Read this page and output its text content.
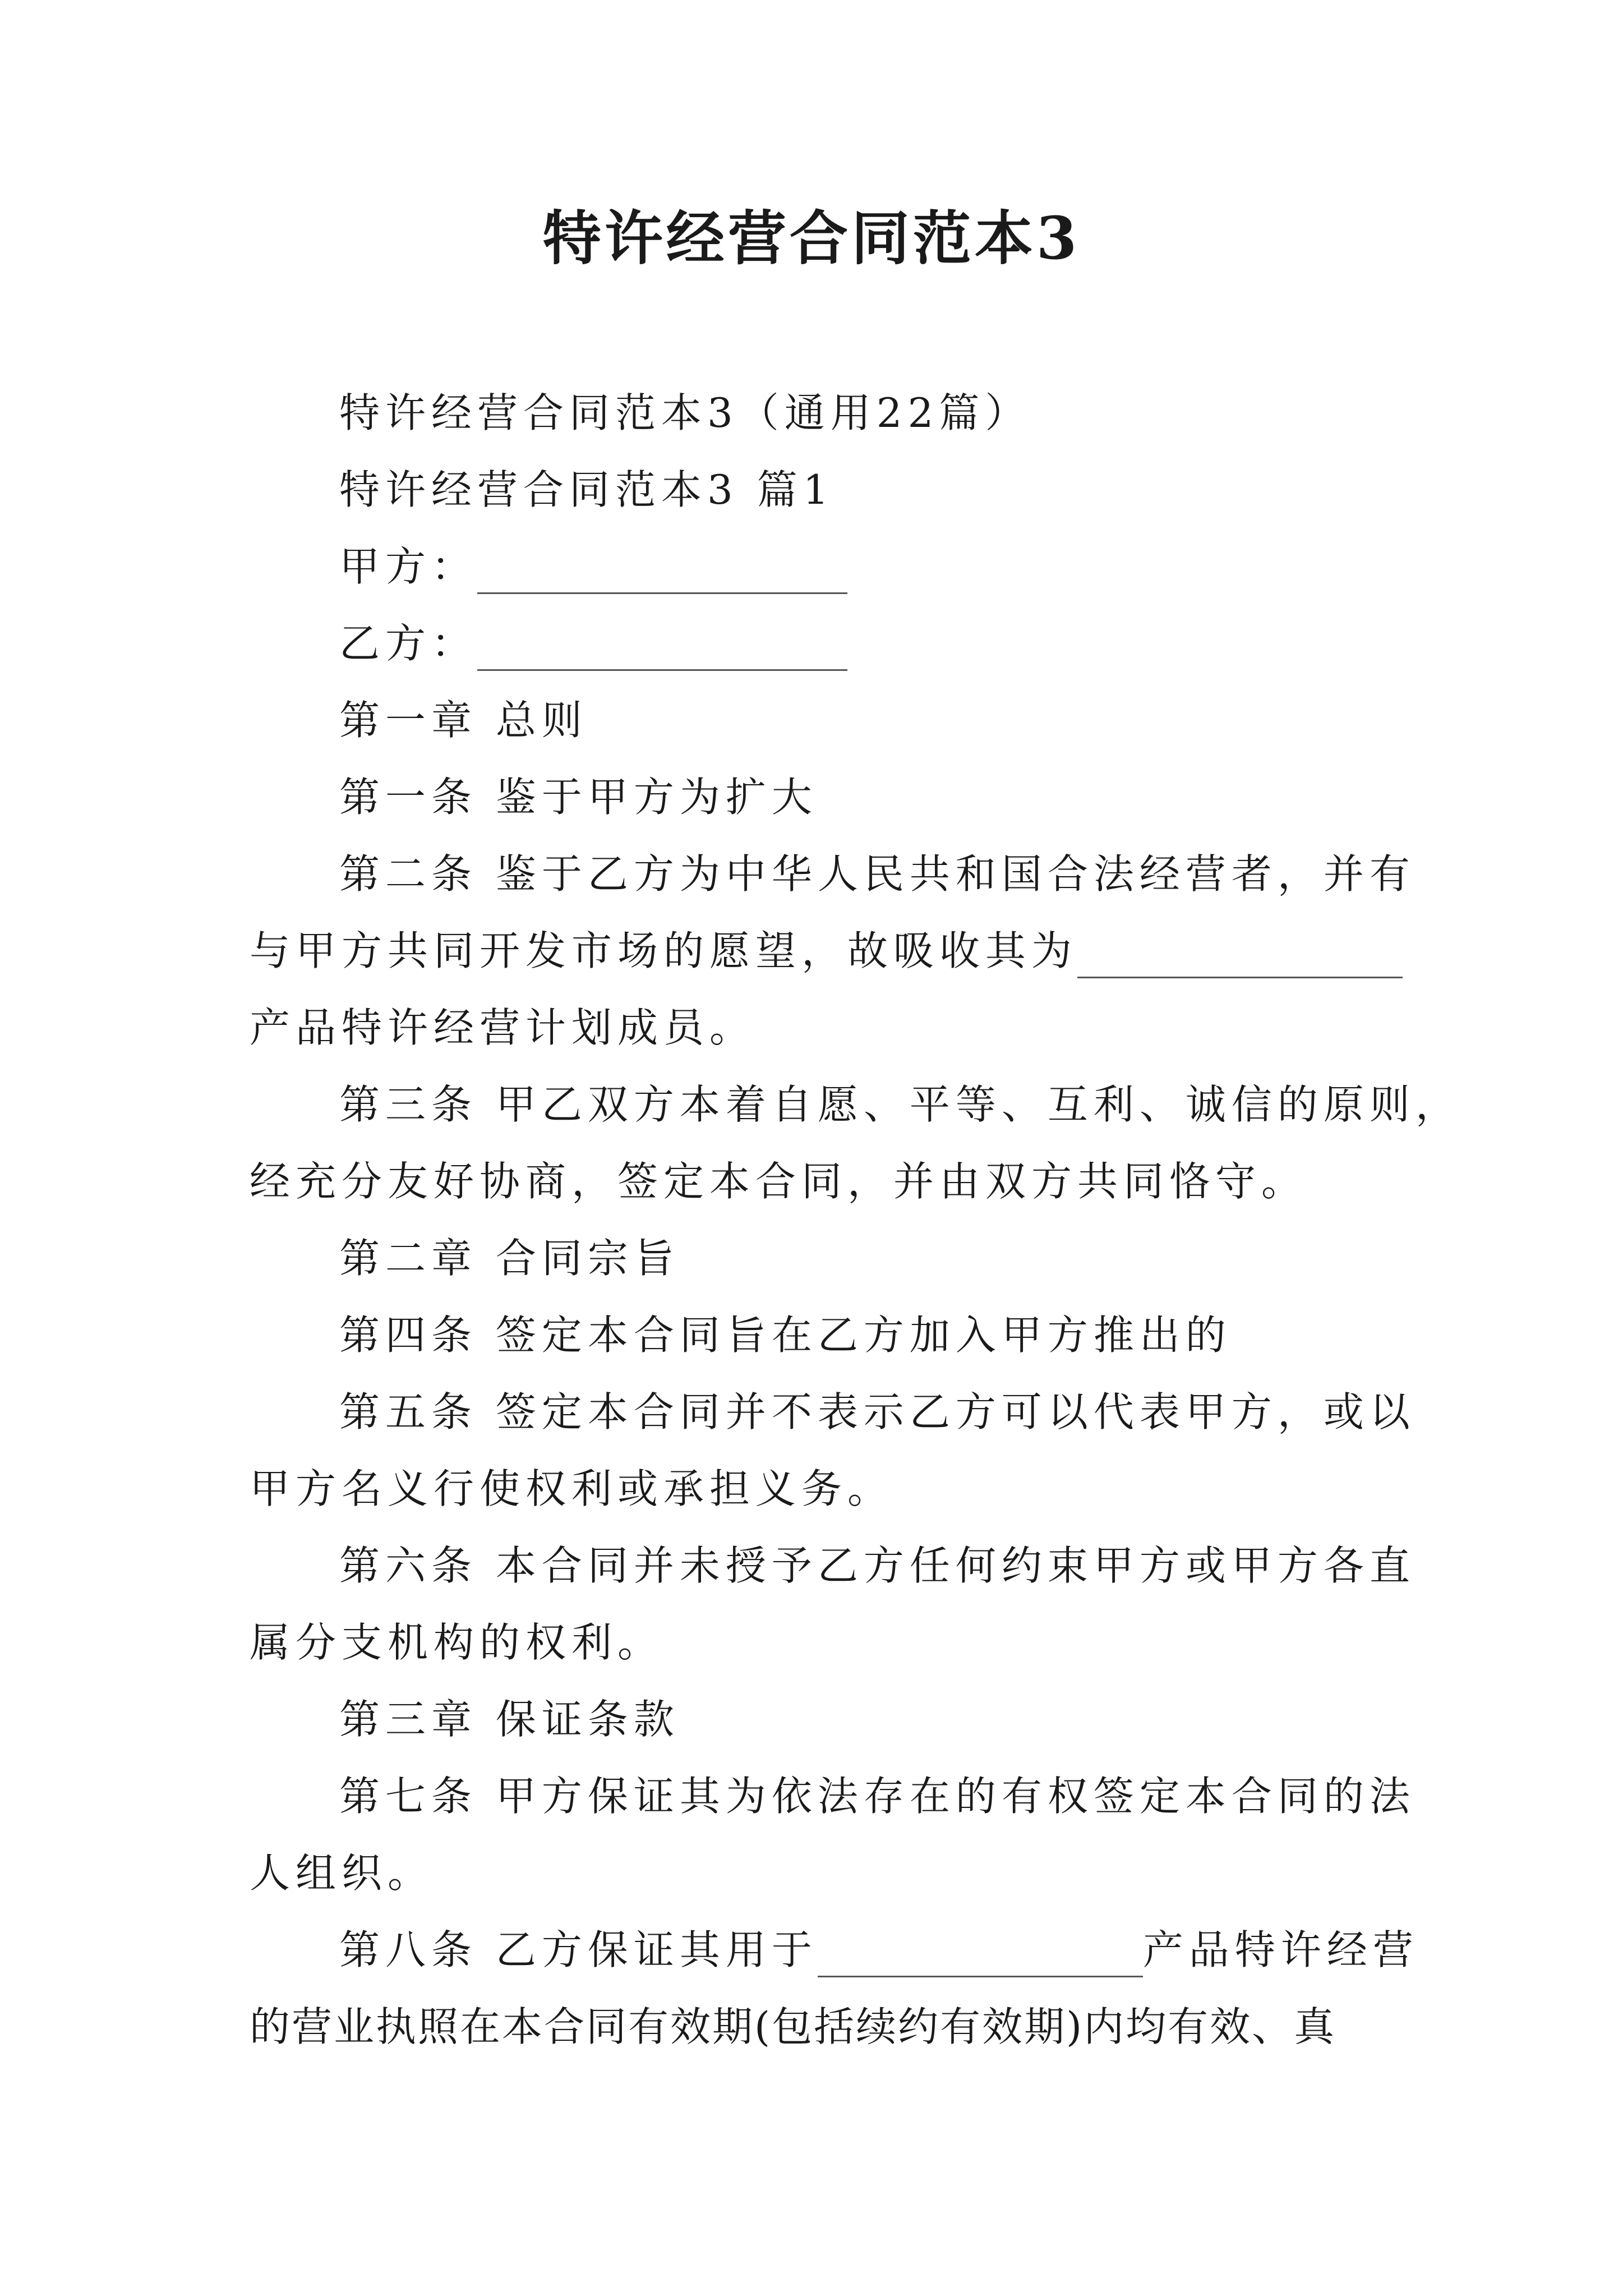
特许经营合同范本3
特许经营合同范本3（通用22篇）
特许经营合同范本3 篇1
甲方：
乙方：
第一章 总则
第一条 鉴于甲方为扩大
第二条 鉴于乙方为中华人民共和国合法经营者，并有
与甲方共同开发市场的愿望，故吸收其为
产品特许经营计划成员。
第三条 甲乙双方本着自愿、平等、互利、诚信的原则，
经充分友好协商，签定本合同，并由双方共同恪守。
第二章 合同宗旨
第四条 签定本合同旨在乙方加入甲方推出的
第五条 签定本合同并不表示乙方可以代表甲方，或以
甲方名义行使权利或承担义务。
第六条 本合同并未授予乙方任何约束甲方或甲方各直
属分支机构的权利。
第三章 保证条款
第七条 甲方保证其为依法存在的有权签定本合同的法
人组织。
第八条 乙方保证其用于	产品特许经营
的营业执照在本合同有效期(包括续约有效期)内均有效、真
